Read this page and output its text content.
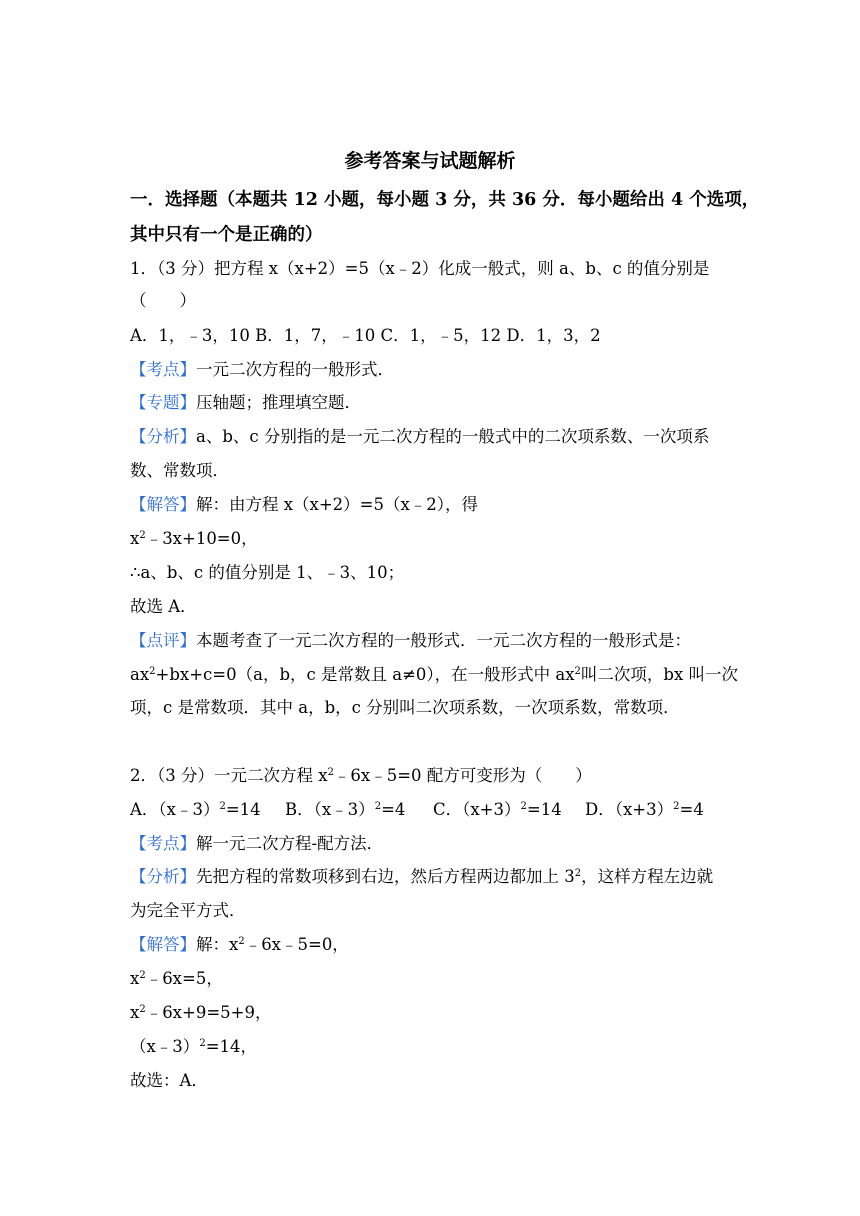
参考答案与试题解析
一．选择题（本题共 12 小题，每小题 3 分，共 36 分．每小题给出 4 个选项，
其中只有一个是正确的）
1．（3 分）把方程 x（x+2）=5（x﹣2）化成一般式，则 a、b、c 的值分别是
（　　）
A．1，﹣3，10 B．1，7，﹣10 C．1，﹣5，12 D．1，3，2
【考点】一元二次方程的一般形式．
【专题】压轴题；推理填空题．
【分析】a、b、c 分别指的是一元二次方程的一般式中的二次项系数、一次项系
数、常数项．
【解答】解：由方程 x（x+2）=5（x﹣2），得
$x^2﹣3x+10=0$，
∴a、b、c 的值分别是 1、﹣3、10；
故选 A．
【点评】本题考查了一元二次方程的一般形式．一元二次方程的一般形式是：
$ax^2+bx+c=0(a$，b，c 是常数且 a≠0），在一般形式中 $ax^2$叫二次项，bx 叫一次
项，c 是常数项．其中 a，b，c 分别叫二次项系数，一次项系数，常数项．
2．（3 分）一元二次方程 $x^2﹣6x﹣5=0$ 配方可变形为（　　）
A．（x﹣3）$^2$=14 B．（x﹣3）$^2$=4 C．$(x+3)^2=14$ D．$(x+3)^2=4$
【考点】解一元二次方程-配方法．
【分析】先把方程的常数项移到右边，然后方程两边都加上 $3^2$，这样方程左边就
为完全平方式．
【解答】解：$x^2﹣6x﹣5=0$，
$x^2﹣6x=5$，
$x^2﹣6x+9=5+9$，
（x﹣3）$^2$=14，
故选：A．
